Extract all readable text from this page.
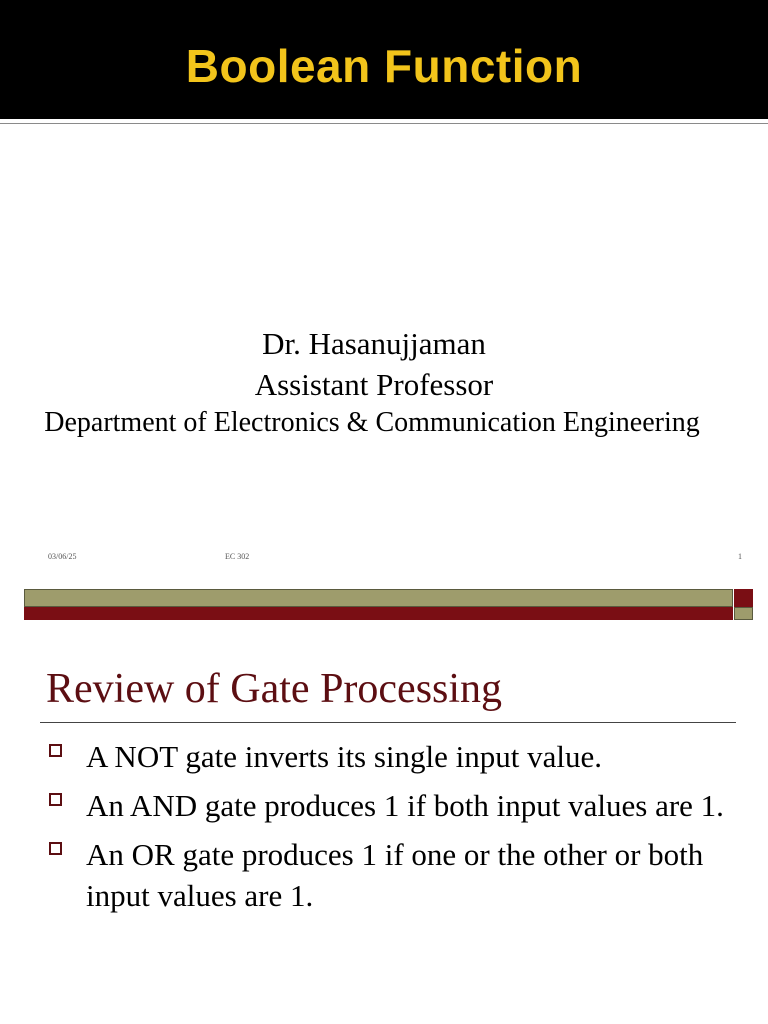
Boolean Function
Dr. Hasanujjaman
Assistant Professor
Department of Electronics & Communication Engineering
03/06/25	EC 302	1
Review of Gate Processing
A NOT gate inverts its single input value.
An AND gate produces 1 if both input values are 1.
An OR gate produces 1 if one or the other or both input values are 1.
